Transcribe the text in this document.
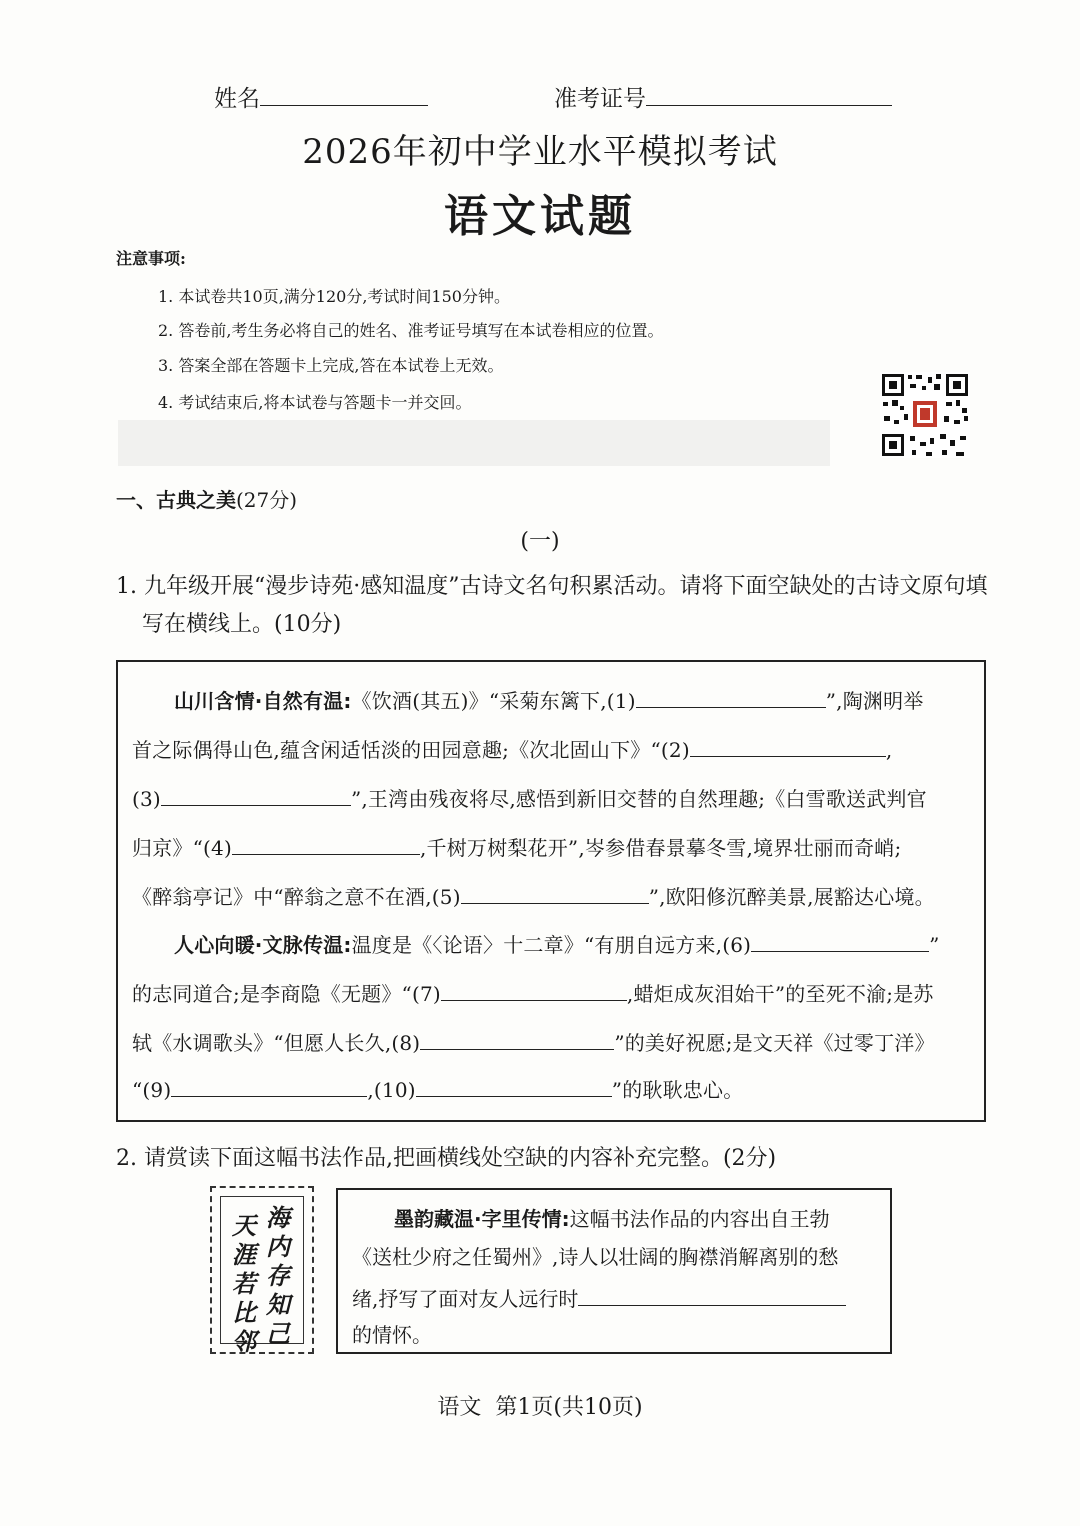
姓名	准考证号
2026年初中学业水平模拟考试
语文试题
注意事项:
1. 本试卷共10页,满分120分,考试时间150分钟。
2. 答卷前,考生务必将自己的姓名、准考证号填写在本试卷相应的位置。
3. 答案全部在答题卡上完成,答在本试卷上无效。
4. 考试结束后,将本试卷与答题卡一并交回。
一、古典之美(27分)
(一)
1. 九年级开展“漫步诗苑·感知温度”古诗文名句积累活动。请将下面空缺处的古诗文原句填
写在横线上。(10分)
山川含情·自然有温:《饮酒(其五)》“采菊东篱下,(1)	”,陶渊明举
首之际偶得山色,蕴含闲适恬淡的田园意趣;《次北固山下》“(2)	,
(3)	”,王湾由残夜将尽,感悟到新旧交替的自然理趣;《白雪歌送武判官
归京》“(4)	,千树万树梨花开”,岑参借春景摹冬雪,境界壮丽而奇峭;
《醉翁亭记》中“醉翁之意不在酒,(5)	”,欧阳修沉醉美景,展豁达心境。
人心向暖·文脉传温:温度是《〈论语〉十二章》“有朋自远方来,(6)	”
的志同道合;是李商隐《无题》“(7)	,蜡炬成灰泪始干”的至死不渝;是苏
轼《水调歌头》“但愿人长久,(8)	”的美好祝愿;是文天祥《过零丁洋》
“(9)	,(10)	”的耿耿忠心。
2. 请赏读下面这幅书法作品,把画横线处空缺的内容补充完整。(2分)
海
内
存
知
己
天
涯
若
比
邻
墨韵藏温·字里传情:这幅书法作品的内容出自王勃
《送杜少府之任蜀州》,诗人以壮阔的胸襟消解离别的愁
绪,抒写了面对友人远行时
的情怀。
语文  第1页(共10页)
